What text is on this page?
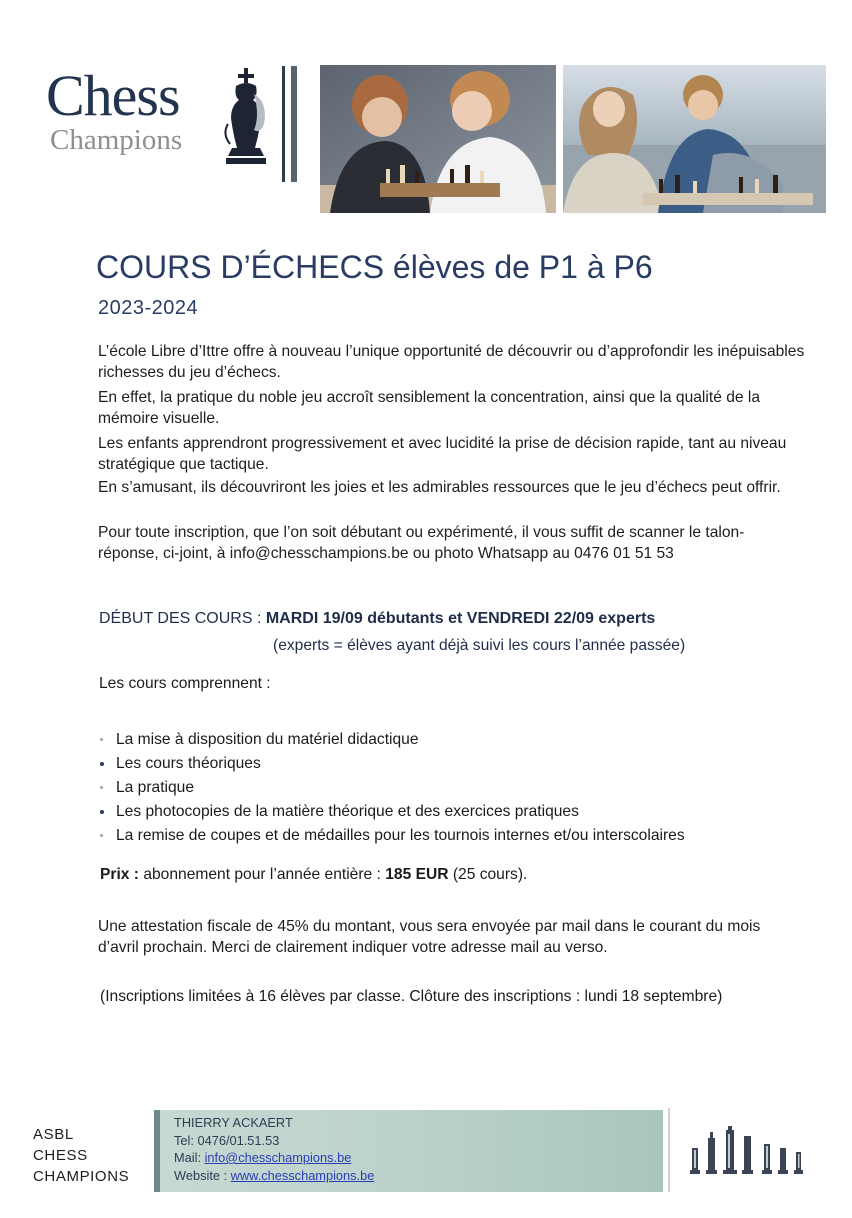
Chess
Champions
COURS D’ÉCHECS élèves de P1 à P6
2023-2024

L’école Libre d’Ittre offre à nouveau l’unique opportunité de découvrir ou d’approfondir les inépuisables richesses du jeu d’échecs.

En effet, la pratique du noble jeu accroît sensiblement la concentration, ainsi que la qualité de la mémoire visuelle.

Les enfants apprendront progressivement et avec lucidité la prise de décision rapide, tant au niveau stratégique que tactique.

En s’amusant, ils découvriront les joies et les admirables ressources que le jeu d’échecs peut offrir.

Pour toute inscription, que l’on soit débutant ou expérimenté, il vous suffit de scanner le talon-réponse, ci-joint, à info@chesschampions.be ou photo Whatsapp au 0476 01 51 53

DÉBUT DES COURS : MARDI 19/09 débutants et VENDREDI 22/09 experts
(experts = élèves ayant déjà suivi les cours l’année passée)
Les cours comprennent :
La mise à disposition du matériel didactique
Les cours théoriques
La pratique
Les photocopies de la matière théorique et des exercices pratiques
La remise de coupes et de médailles pour les tournois internes et/ou interscolaires
Prix : abonnement pour l’année entière : 185 EUR (25 cours).

Une attestation fiscale de 45% du montant, vous sera envoyée par mail dans le courant du mois d’avril prochain. Merci de clairement indiquer votre adresse mail au verso.

(Inscriptions limitées à 16 élèves par classe. Clôture des inscriptions : lundi 18 septembre)
ASBL
CHESS
CHAMPIONS
THIERRY ACKAERT
Tel: 0476/01.51.53
Mail: info@chesschampions.be
Website : www.chesschampions.be
